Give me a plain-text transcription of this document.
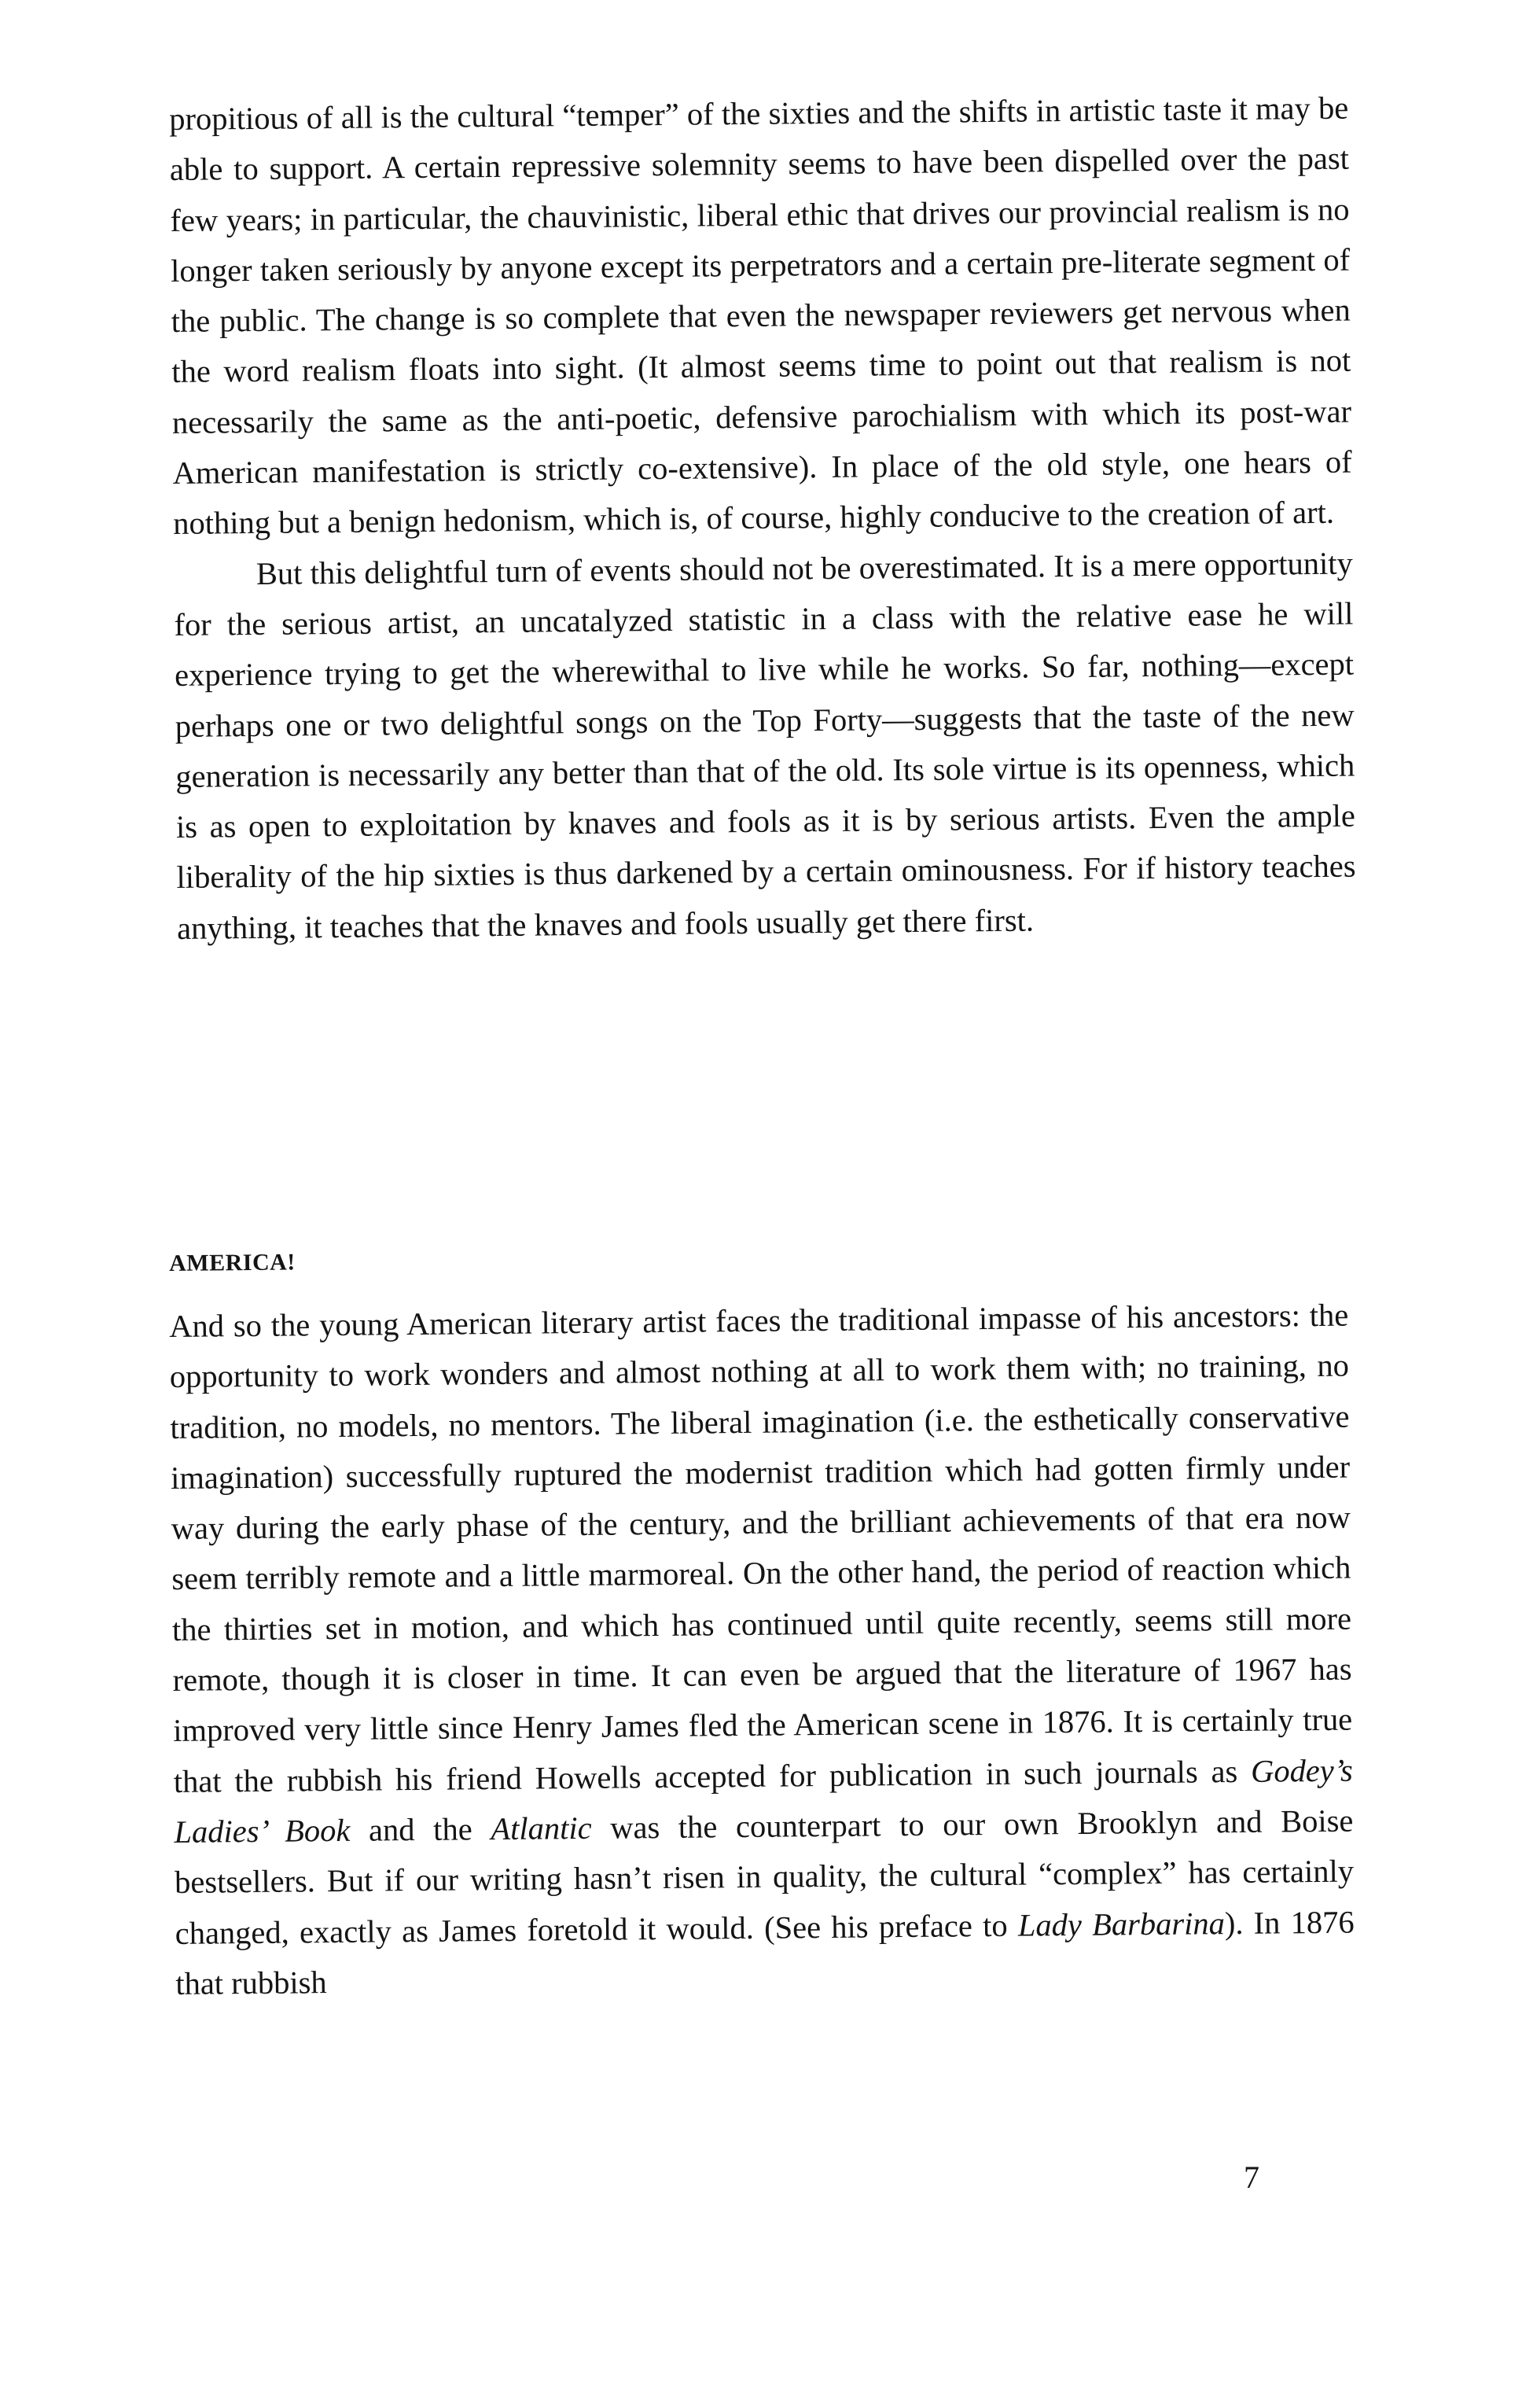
propitious of all is the cultural “temper” of the sixties and the shifts in artistic taste it may be able to support. A certain repressive solemnity seems to have been dispelled over the past few years; in particular, the chauvinistic, liberal ethic that drives our provincial realism is no longer taken seriously by anyone except its perpetrators and a certain pre-literate segment of the public. The change is so complete that even the newspaper reviewers get nervous when the word realism floats into sight. (It almost seems time to point out that realism is not necessarily the same as the anti-poetic, defensive parochialism with which its post-war American manifestation is strictly co-extensive). In place of the old style, one hears of nothing but a benign hedonism, which is, of course, highly conducive to the creation of art.

But this delightful turn of events should not be overestimated. It is a mere opportunity for the serious artist, an uncatalyzed statistic in a class with the relative ease he will experience trying to get the wherewithal to live while he works. So far, nothing—except perhaps one or two delightful songs on the Top Forty—suggests that the taste of the new generation is necessarily any better than that of the old. Its sole virtue is its openness, which is as open to exploitation by knaves and fools as it is by serious artists. Even the ample liberality of the hip sixties is thus darkened by a certain ominousness. For if history teaches anything, it teaches that the knaves and fools usually get there first.

AMERICA!

And so the young American literary artist faces the traditional impasse of his ancestors: the opportunity to work wonders and almost nothing at all to work them with; no training, no tradition, no models, no mentors. The liberal imagination (i.e. the esthetically conservative imagination) successfully ruptured the modernist tradition which had gotten firmly under way during the early phase of the century, and the brilliant achievements of that era now seem terribly remote and a little marmoreal. On the other hand, the period of reaction which the thirties set in motion, and which has continued until quite recently, seems still more remote, though it is closer in time. It can even be argued that the literature of 1967 has improved very little since Henry James fled the American scene in 1876. It is certainly true that the rubbish his friend Howells accepted for publication in such journals as Godey’s Ladies’ Book and the Atlantic was the counterpart to our own Brooklyn and Boise bestsellers. But if our writing hasn’t risen in quality, the cultural “complex” has certainly changed, exactly as James foretold it would. (See his preface to Lady Barbarina). In 1876 that rubbish

7
